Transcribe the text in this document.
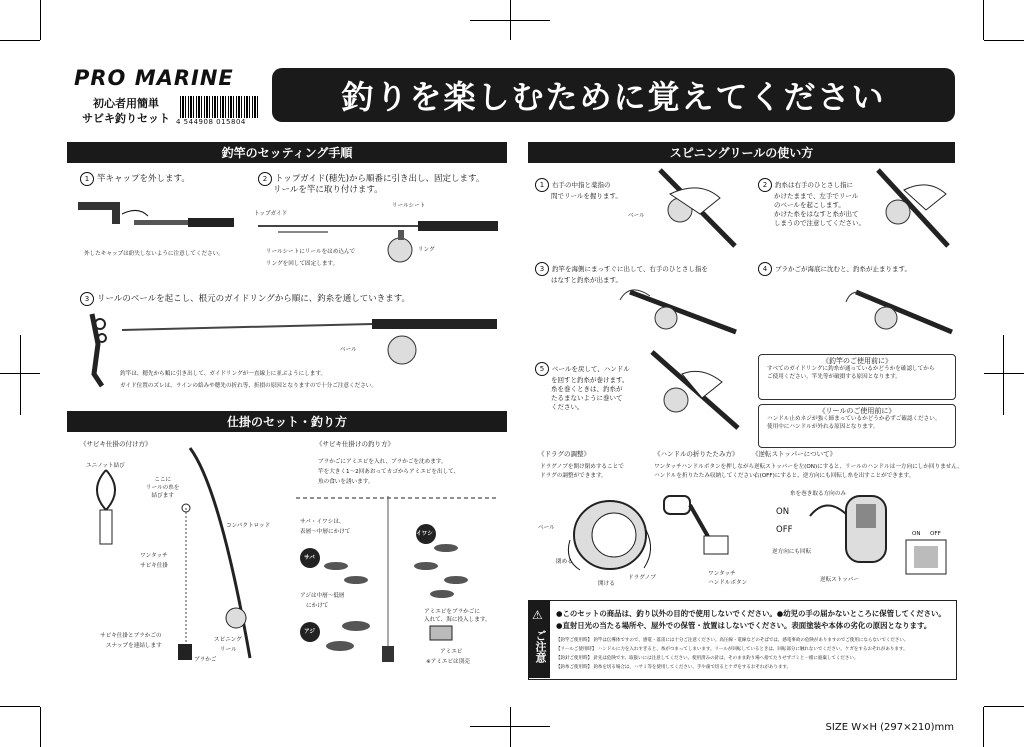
PRO MARINE
初心者用簡単
サビキ釣りセット 4 544908 015804
釣りを楽しむために覚えてください
釣竿のセッティング手順	スピニングリールの使い方
仕掛のセット・釣り方
1 竿キャップを外します。
外したキャップは紛失しないように注意してください。
2 トップガイド(穂先)から順番に引き出し、固定します。
リールを竿に取り付けます。
トップガイド
リールシート
リング
リールシートにリールをはめ込んで
リングを回して固定します。
3 リールのベールを起こし、根元のガイドリングから順に、釣糸を通していきます。
ベール
釣竿は、穂先から順に引き出して、ガイドリングが一直線上に並ぶようにします。
ガイド位置のズレは、ラインの絡みや穂先の折れ等、折損の原因となりますので十分ご注意ください。
1 右手の中指と薬指の
間でリールを握ります。
ベール
2 釣糸は右手のひとさし指に
かけたままで、左手でリール
のベールを起こします。
かけた糸をはなすと糸が出て
しまうので注意してください。
3 釣竿を海側にまっすぐに出して、右手のひとさし指を
はなすと釣糸が出ます。
4 ブラかごが海底に沈むと、釣糸が止まります。
5 ベールを戻して、ハンドル
を回すと釣糸が巻けます。
糸を巻くときは、釣糸が
たるまないように巻いて
ください。
《釣竿のご使用前に》
すべてのガイドリングに釣糸が通っているかどうかを確認してから
ご使用ください。竿先等が破損する原因となります。
《リールのご使用前に》
ハンドル止めネジが強く締まっているかどうか必ずご確認ください。
使用中にハンドルが外れる原因となります。
《ドラグの調整》
ドラグノブを開け閉めすることで
ドラグの調整ができます。
ベール
閉める
開ける
ドラグノブ
《ハンドルの折りたたみ方》
ワンタッチハンドルボタンを押しながら
ハンドルを折りたたみ収納してください。
ワンタッチ
ハンドルボタン
《逆転ストッパーについて》
逆転ストッパーを左(ON)にすると、リールのハンドルは一方向にしか回りません。
右(OFF)にすると、逆方向にも回転し糸を出すことができます。
糸を巻き取る方向のみ
ON
OFF
逆方向にも回転
逆転ストッパー
ON OFF
《サビキ仕掛の付け方》
ユニノット結び
ここに
リールの糸を
結びます
コンパクトロッド
ワンタッチ
サビキ仕掛
サビキ仕掛とブラかごの
スナップを連結します
スピニング
リール
ブラかご
《サビキ仕掛けの釣り方》
ブラかごにアミエビを入れ、ブラかごを沈めます。
竿を大きく1～2回あおってカゴからアミエビを出して、
魚の食いを誘います。
サバ・イワシは、
表層～中層にかけて
アジは中層～低層
にかけて
サバ
イワシ
アジ
アミエビをブラかごに
入れて、海に投入します。
アミエビ
※アミエビは別売
⚠
ご注意
●このセットの商品は、釣り以外の目的で使用しないでください。●幼児の手の届かないところに保管してください。
●直射日光の当たる場所や、屋外での保管・放置はしないでください。表面塗装や本体の劣化の原因となります。
【釣竿ご使用時】 釣竿は伝導体ですので、感電・落雷には十分ご注意ください。高圧線・電線などのそばでは、感電事故の危険がありますのでご使用にならないでください。
【リールご使用時】 ハンドルに力を入れすぎると、糸がつまってしまいます。リールが回転しているときは、回転部分に触れないでください。ケガをするおそれがあります。
【釣針ご使用時】 針先は危険です。取扱いには注意してください。使用済みの針は、そのまま釣り場へ捨てたりせずゴミと一緒に廃棄してください。
【釣糸ご使用時】 釣糸を切る場合は、ハサミ等を使用してください。手や歯で切るとケガをするおそれがあります。
SIZE W×H (297×210)mm
